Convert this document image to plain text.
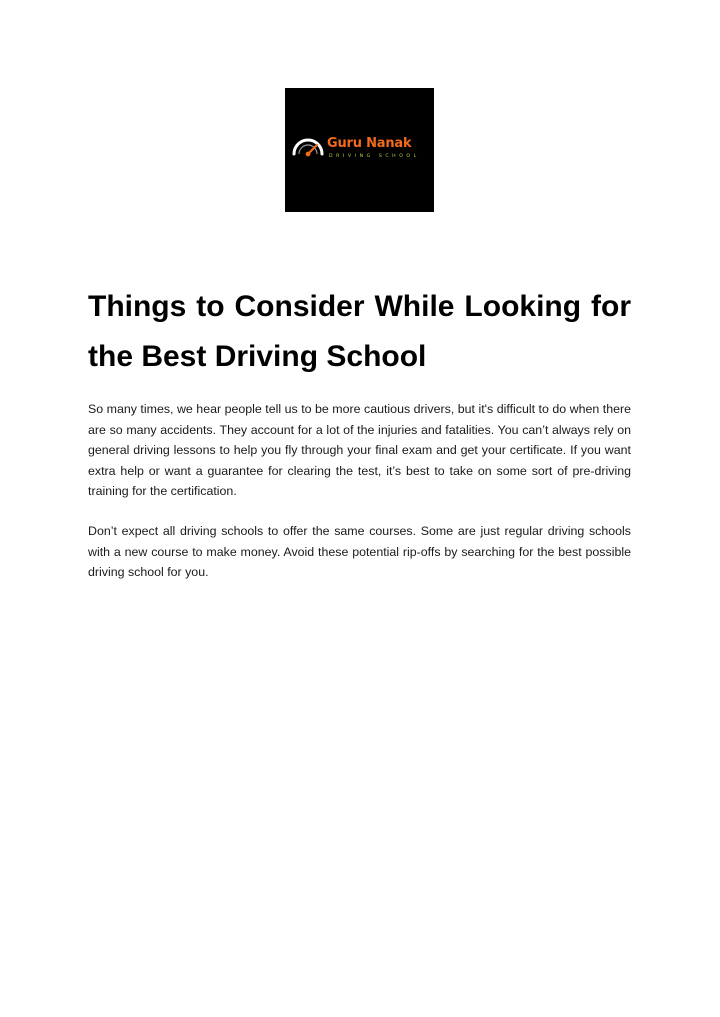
Guru Nanak
DRIVING SCHOOL
Things to Consider While Looking for the Best Driving School

So many times, we hear people tell us to be more cautious drivers, but it's difficult to do when there are so many accidents. They account for a lot of the injuries and fatalities. You can’t always rely on general driving lessons to help you fly through your final exam and get your certificate. If you want extra help or want a guarantee for clearing the test, it’s best to take on some sort of pre-driving training for the certification.

Don’t expect all driving schools to offer the same courses. Some are just regular driving schools with a new course to make money. Avoid these potential rip-offs by searching for the best possible driving school for you.
